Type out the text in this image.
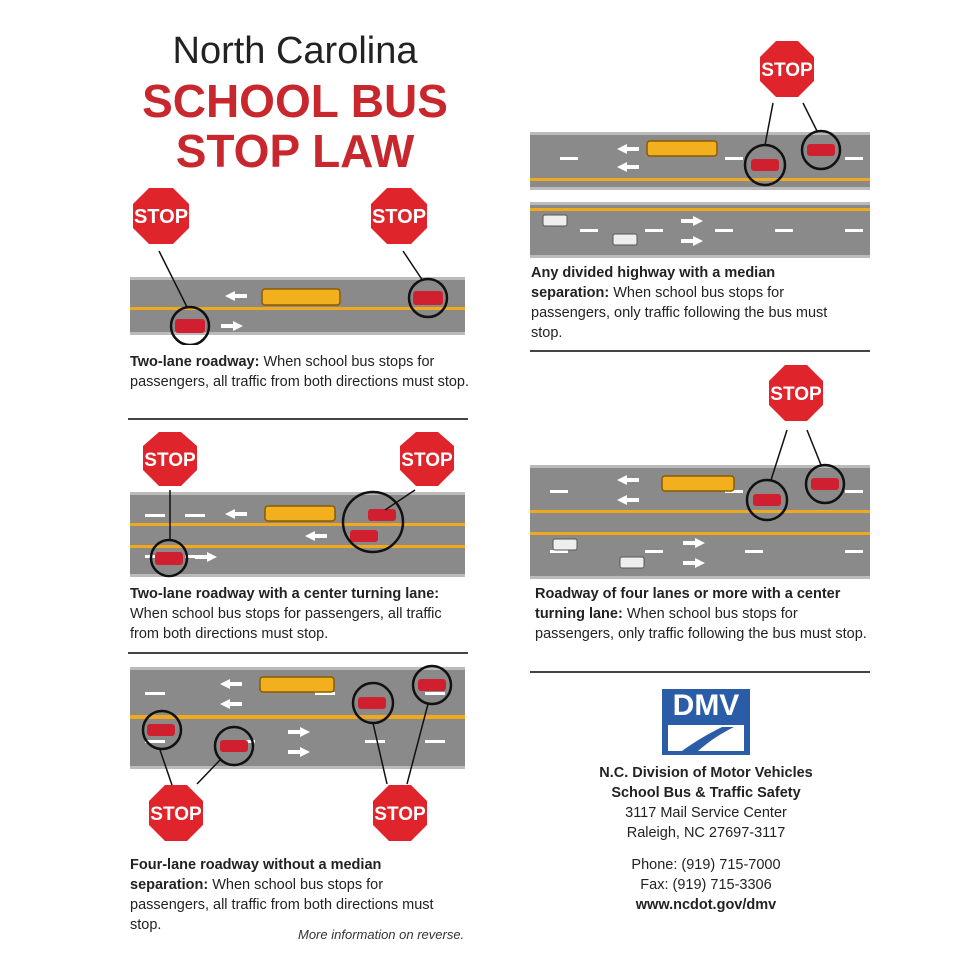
North Carolina
SCHOOL BUS
STOP LAW
STOP	STOP
Two-lane roadway: When school bus stops for passengers, all traffic from both directions must stop.
STOP	STOP
Two-lane roadway with a center turning lane: When school bus stops for passengers, all traffic from both directions must stop.
STOP	STOP
Four-lane roadway without a median separation: When school bus stops for passengers, all traffic from both directions must stop.
More information on reverse.
STOP
Any divided highway with a median separation: When school bus stops for passengers, only traffic following the bus must stop.
STOP
Roadway of four lanes or more with a center turning lane: When school bus stops for passengers, only traffic following the bus must stop.
DMV
N.C. Division of Motor Vehicles
School Bus & Traffic Safety
3117 Mail Service Center
Raleigh, NC 27697-3117
Phone: (919) 715-7000
Fax: (919) 715-3306
www.ncdot.gov/dmv
